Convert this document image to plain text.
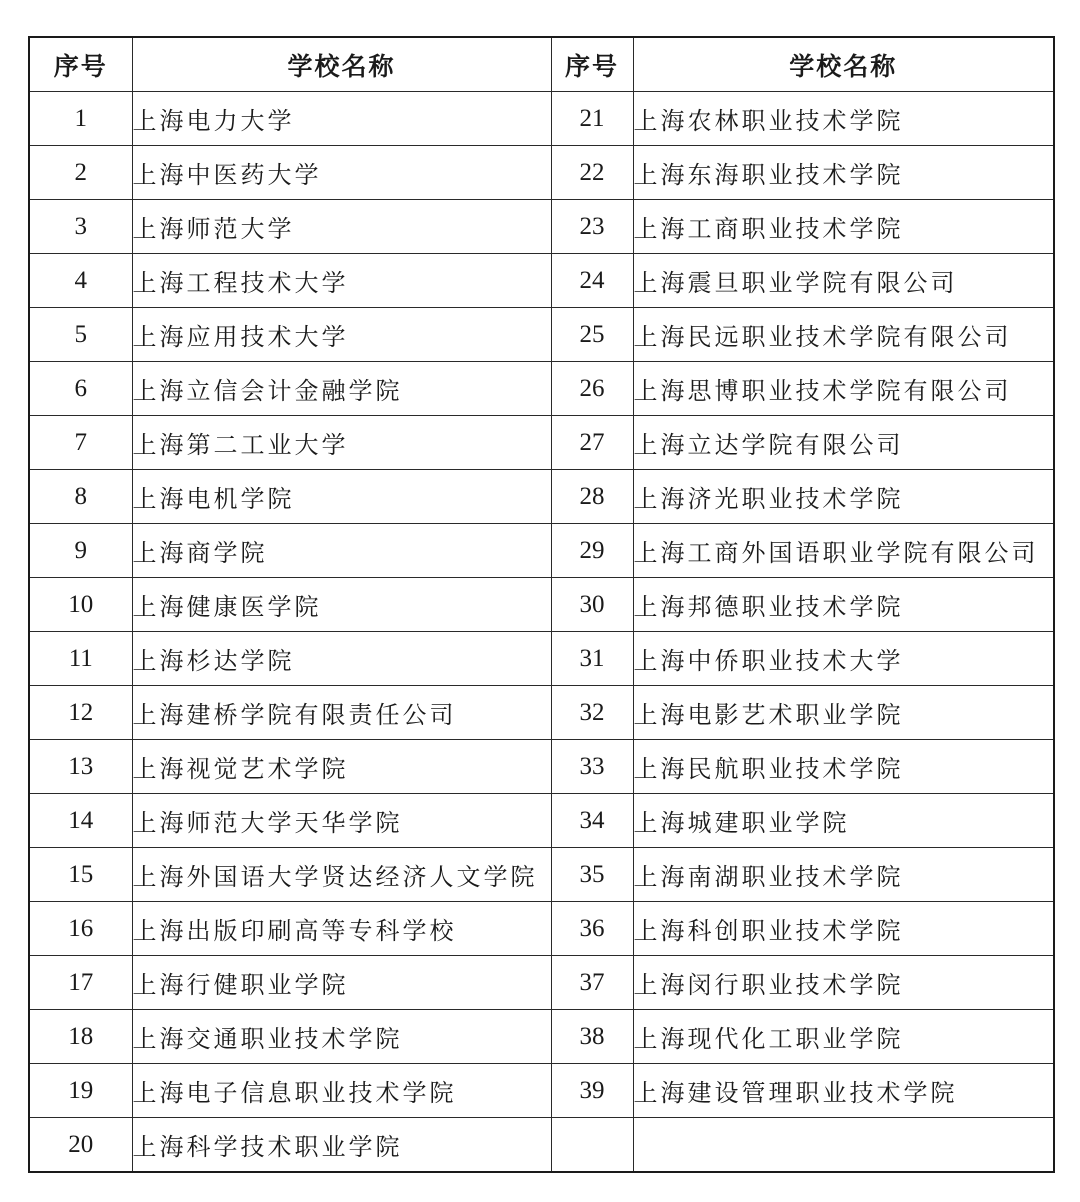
序号	学校名称	序号	学校名称
1	上海电力大学	21	上海农林职业技术学院
2	上海中医药大学	22	上海东海职业技术学院
3	上海师范大学	23	上海工商职业技术学院
4	上海工程技术大学	24	上海震旦职业学院有限公司
5	上海应用技术大学	25	上海民远职业技术学院有限公司
6	上海立信会计金融学院	26	上海思博职业技术学院有限公司
7	上海第二工业大学	27	上海立达学院有限公司
8	上海电机学院	28	上海济光职业技术学院
9	上海商学院	29	上海工商外国语职业学院有限公司
10	上海健康医学院	30	上海邦德职业技术学院
11	上海杉达学院	31	上海中侨职业技术大学
12	上海建桥学院有限责任公司	32	上海电影艺术职业学院
13	上海视觉艺术学院	33	上海民航职业技术学院
14	上海师范大学天华学院	34	上海城建职业学院
15	上海外国语大学贤达经济人文学院	35	上海南湖职业技术学院
16	上海出版印刷高等专科学校	36	上海科创职业技术学院
17	上海行健职业学院	37	上海闵行职业技术学院
18	上海交通职业技术学院	38	上海现代化工职业学院
19	上海电子信息职业技术学院	39	上海建设管理职业技术学院
20	上海科学技术职业学院		
